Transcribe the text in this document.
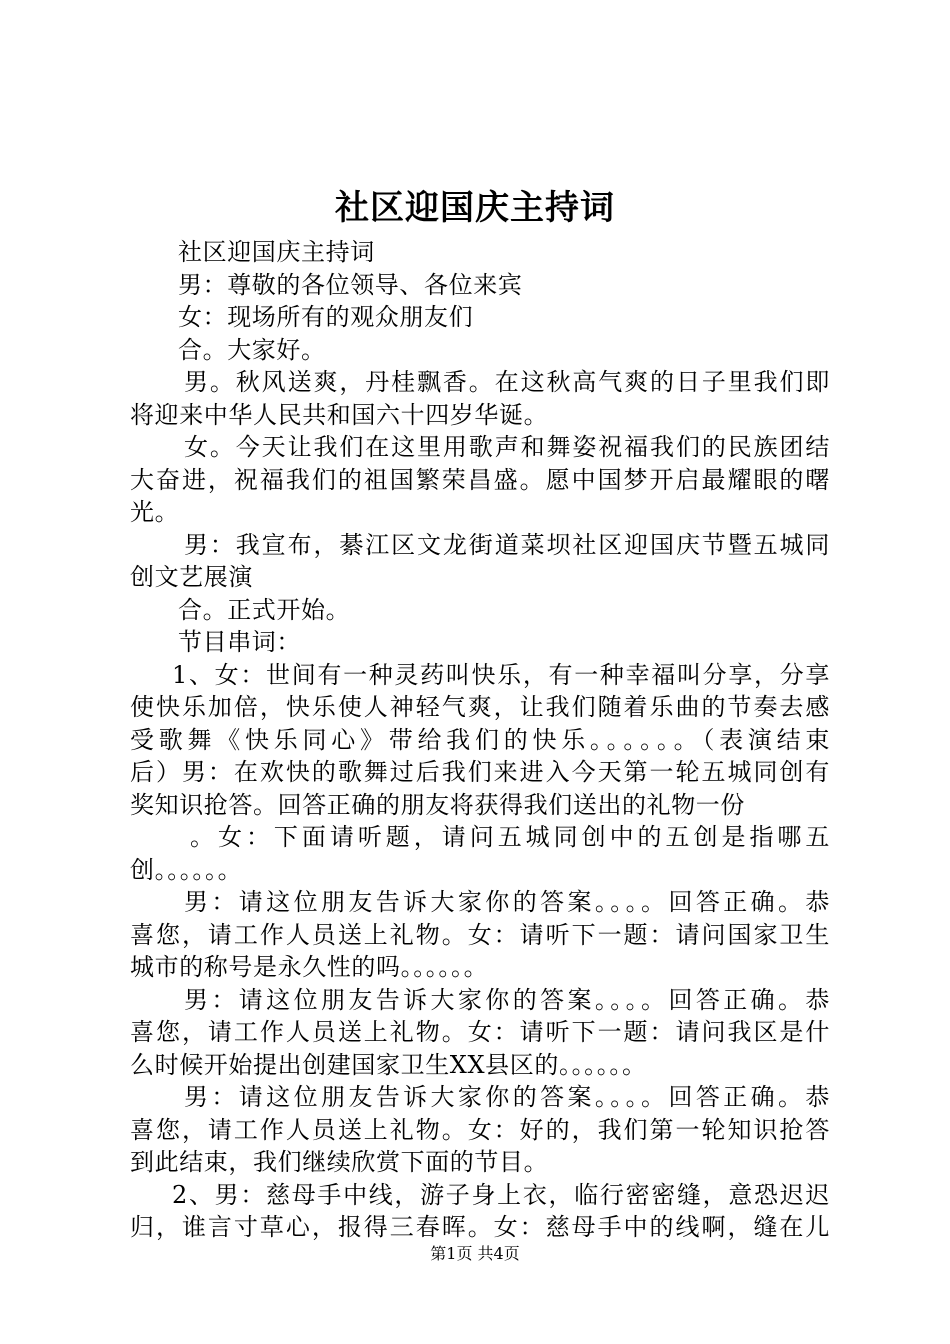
社区迎国庆主持词
社区迎国庆主持词
男：尊敬的各位领导、各位来宾
女：现场所有的观众朋友们
合。大家好。
男。秋风送爽，丹桂飘香。在这秋高气爽的日子里我们即
将迎来中华人民共和国六十四岁华诞。
女。今天让我们在这里用歌声和舞姿祝福我们的民族团结
大奋进，祝福我们的祖国繁荣昌盛。愿中国梦开启最耀眼的曙
光。
男：我宣布，綦江区文龙街道菜坝社区迎国庆节暨五城同
创文艺展演
合。正式开始。
节目串词：
1、女：世间有一种灵药叫快乐，有一种幸福叫分享，分享
使快乐加倍，快乐使人神轻气爽，让我们随着乐曲的节奏去感
受歌舞《快乐同心》带给我们的快乐。。。。。。（表演结束
后）男：在欢快的歌舞过后我们来进入今天第一轮五城同创有
奖知识抢答。回答正确的朋友将获得我们送出的礼物一份
。女：下面请听题，请问五城同创中的五创是指哪五
创。。。。。。
男：请这位朋友告诉大家你的答案。。。。回答正确。恭
喜您，请工作人员送上礼物。女：请听下一题：请问国家卫生
城市的称号是永久性的吗。。。。。。
男：请这位朋友告诉大家你的答案。。。。回答正确。恭
喜您，请工作人员送上礼物。女：请听下一题：请问我区是什
么时候开始提出创建国家卫生XX县区的。。。。。。
男：请这位朋友告诉大家你的答案。。。。回答正确。恭
喜您，请工作人员送上礼物。女：好的，我们第一轮知识抢答
到此结束，我们继续欣赏下面的节目。
2、男：慈母手中线，游子身上衣，临行密密缝，意恐迟迟
归，谁言寸草心，报得三春晖。女：慈母手中的线啊，缝在儿
第1页 共4页
